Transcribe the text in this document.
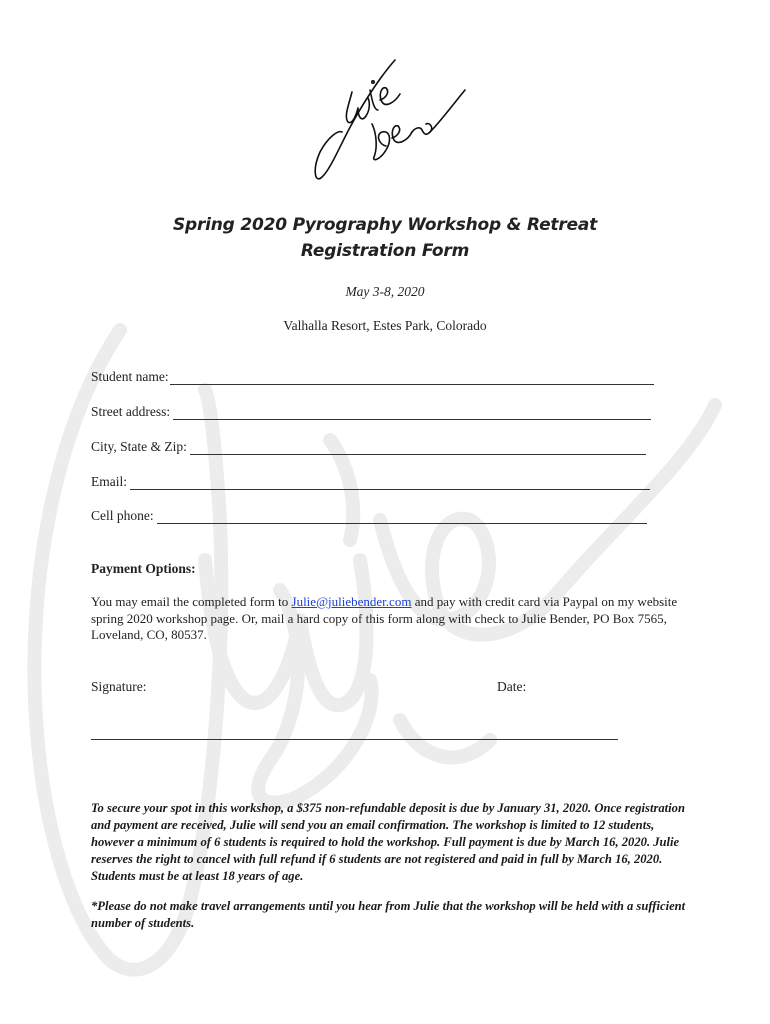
Spring 2020 Pyrography Workshop & Retreat
Registration Form
May 3-8, 2020
Valhalla Resort, Estes Park, Colorado
Student name:
Street address:
City, State & Zip:
Email:
Cell phone:
Payment Options:
You may email the completed form to Julie@juliebender.com and pay with credit card via Paypal on my website spring 2020 workshop page. Or, mail a hard copy of this form along with check to Julie Bender, PO Box 7565, Loveland, CO, 80537.
Signature:	Date:
To secure your spot in this workshop, a $375 non-refundable deposit is due by January 31, 2020. Once registration and payment are received, Julie will send you an email confirmation. The workshop is limited to 12 students, however a minimum of 6 students is required to hold the workshop. Full payment is due by March 16, 2020. Julie reserves the right to cancel with full refund if 6 students are not registered and paid in full by March 16, 2020. Students must be at least 18 years of age.
*Please do not make travel arrangements until you hear from Julie that the workshop will be held with a sufficient number of students.
